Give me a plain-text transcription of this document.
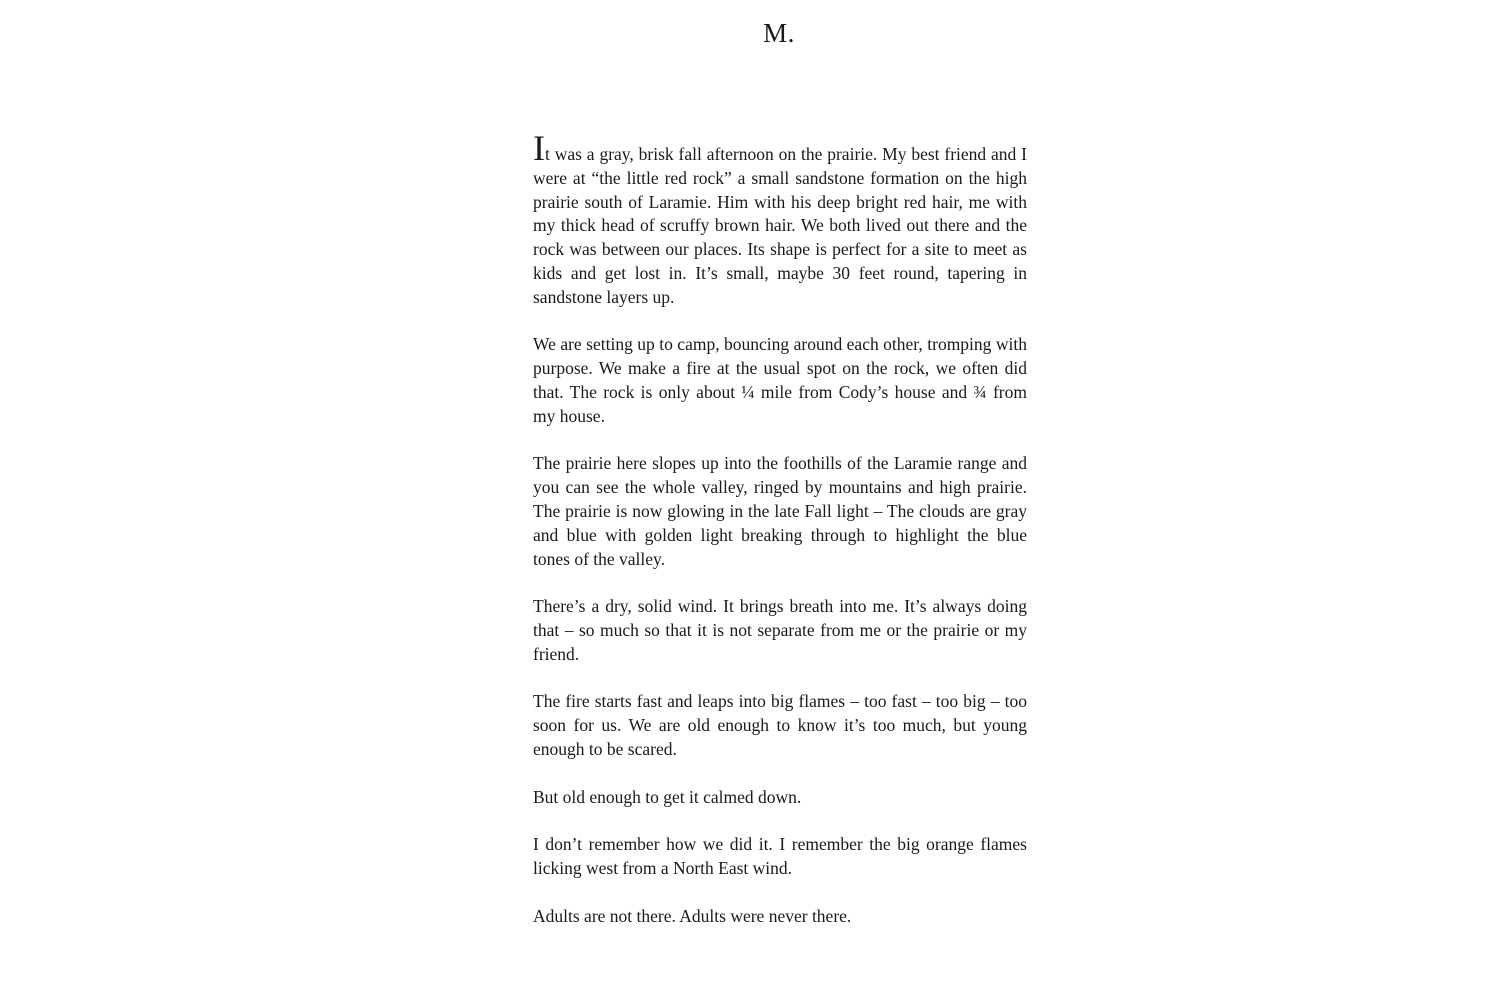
M.

It was a gray, brisk fall afternoon on the prairie. My best friend and I were at “the little red rock” a small sandstone formation on the high prairie south of Laramie. Him with his deep bright red hair, me with my thick head of scruffy brown hair. We both lived out there and the rock was between our places. Its shape is perfect for a site to meet as kids and get lost in. It’s small, maybe 30 feet round, tapering in sandstone layers up.

We are setting up to camp, bouncing around each other, tromping with purpose. We make a fire at the usual spot on the rock, we often did that. The rock is only about ¼ mile from Cody’s house and ¾ from my house.

The prairie here slopes up into the foothills of the Laramie range and you can see the whole valley, ringed by mountains and high prairie. The prairie is now glowing in the late Fall light – The clouds are gray and blue with golden light breaking through to highlight the blue tones of the valley.

There’s a dry, solid wind. It brings breath into me. It’s always doing that – so much so that it is not separate from me or the prairie or my friend.

The fire starts fast and leaps into big flames – too fast – too big – too soon for us. We are old enough to know it’s too much, but young enough to be scared.

But old enough to get it calmed down.

I don’t remember how we did it. I remember the big orange flames licking west from a North East wind.

Adults are not there. Adults were never there.
